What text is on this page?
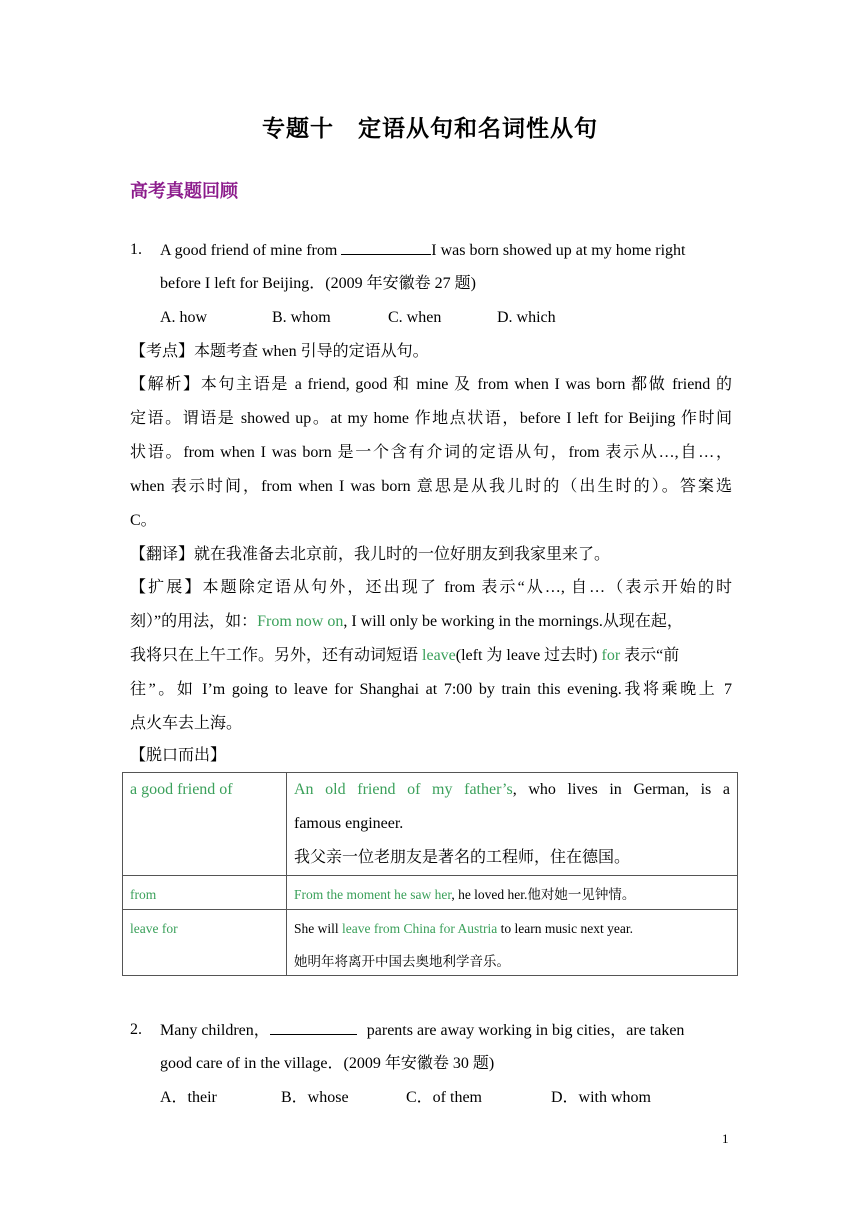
专题十　定语从句和名词性从句
高考真题回顾
1. A good friend of mine from	I was born showed up at my home right
before I left for Beijing．(2009 年安徽卷 27 题)
A. how	B. whom	C. when	D. which
【考点】本题考查 when 引导的定语从句。
【解析】本句主语是 a friend, good 和 mine 及 from when I was born 都做 friend 的
定语。谓语是 showed up。at my home 作地点状语，before I left for Beijing 作时间
状语。from when I was born 是一个含有介词的定语从句，from 表示从…,自…，
when 表示时间，from when I was born 意思是从我儿时的（出生时的）。答案选
C。
【翻译】就在我准备去北京前，我儿时的一位好朋友到我家里来了。
【扩展】本题除定语从句外，还出现了 from 表示“从…, 自…（表示开始的时
刻）”的用法，如：From now on, I will only be working in the mornings.从现在起，
我将只在上午工作。另外，还有动词短语 leave(left 为 leave 过去时) for 表示“前
往”。如 I’m going to leave for Shanghai at 7:00 by train this evening.我将乘晚上 7
点火车去上海。
【脱口而出】
a good friend of	An old friend of my father’s, who lives in German, is a
famous engineer.
我父亲一位老朋友是著名的工程师，住在德国。

from	From the moment he saw her, he loved her.他对她一见钟情。

leave for	She will leave from China for Austria to learn music next year.
她明年将离开中国去奥地利学音乐。
2. Many children，	parents are away working in big cities，are taken
good care of in the village．(2009 年安徽卷 30 题)
A．their	B．whose	C．of them	D．with whom
1
